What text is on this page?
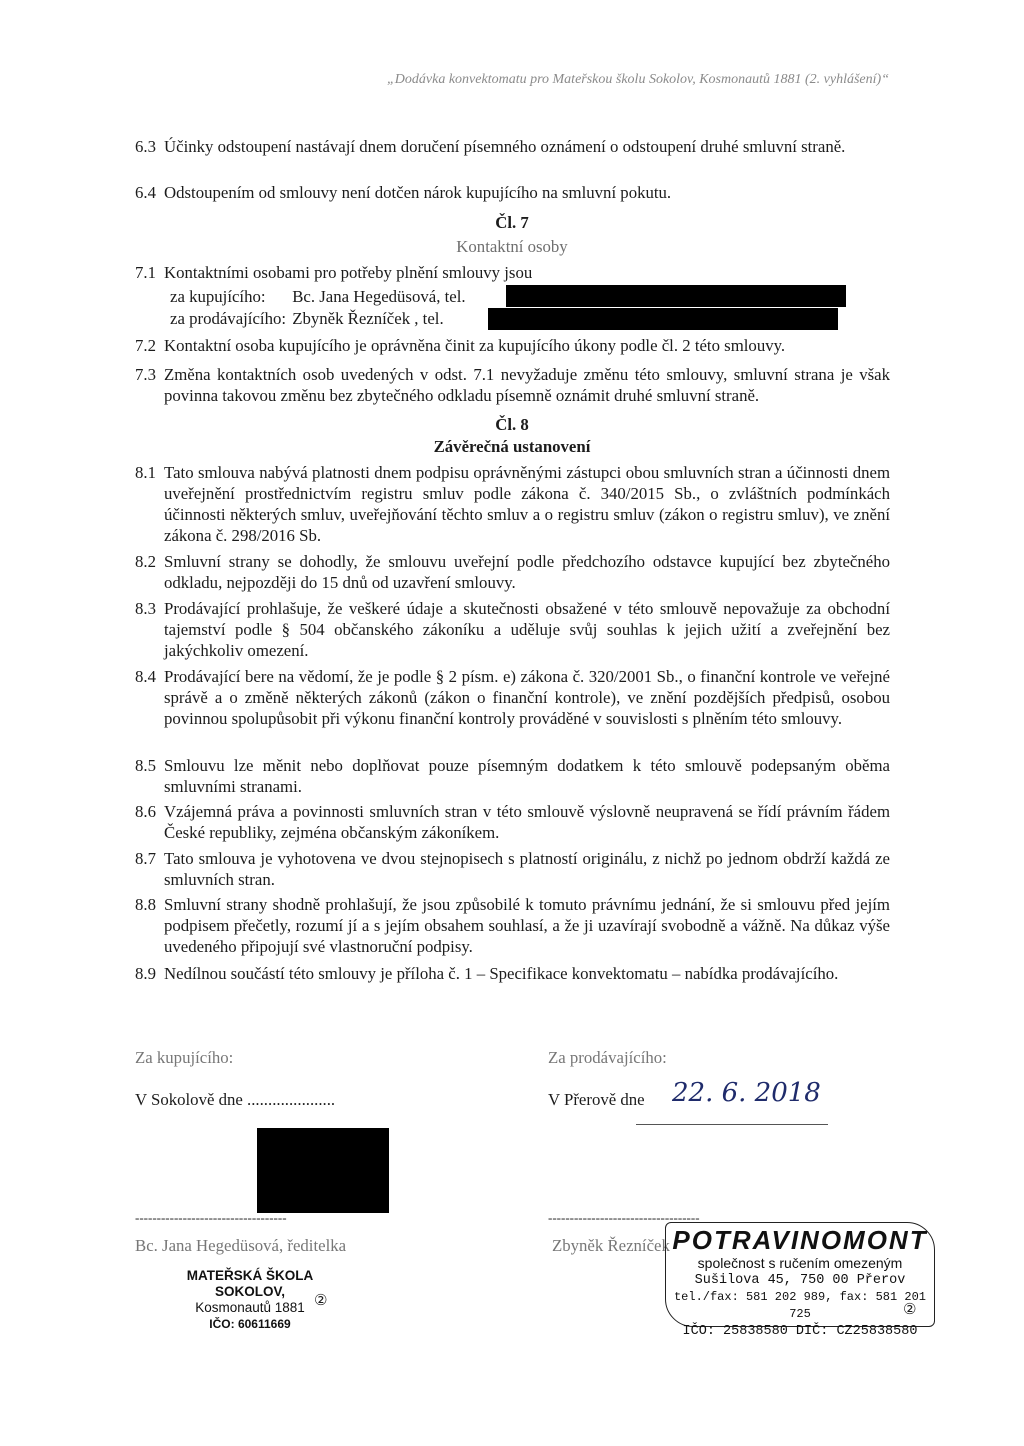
„Dodávka konvektomatu pro Mateřskou školu Sokolov, Kosmonautů 1881 (2. vyhlášení)“
6.3 Účinky odstoupení nastávají dnem doručení písemného oznámení o odstoupení druhé smluvní straně.
6.4 Odstoupením od smlouvy není dotčen nárok kupujícího na smluvní pokutu.
Čl. 7
Kontaktní osoby
7.1 Kontaktními osobami pro potřeby plnění smlouvy jsou
za kupujícího: Bc. Jana Hegedüsová, tel.
za prodávajícího: Zbyněk Řezníček , tel.
7.2 Kontaktní osoba kupujícího je oprávněna činit za kupujícího úkony podle čl. 2 této smlouvy.
7.3 Změna kontaktních osob uvedených v odst. 7.1 nevyžaduje změnu této smlouvy, smluvní strana je však povinna takovou změnu bez zbytečného odkladu písemně oznámit druhé smluvní straně.
Čl. 8
Závěrečná ustanovení
8.1 Tato smlouva nabývá platnosti dnem podpisu oprávněnými zástupci obou smluvních stran a účinnosti dnem uveřejnění prostřednictvím registru smluv podle zákona č. 340/2015 Sb., o zvláštních podmínkách účinnosti některých smluv, uveřejňování těchto smluv a o registru smluv (zákon o registru smluv), ve znění zákona č. 298/2016 Sb.
8.2 Smluvní strany se dohodly, že smlouvu uveřejní podle předchozího odstavce kupující bez zbytečného odkladu, nejpozději do 15 dnů od uzavření smlouvy.
8.3 Prodávající prohlašuje, že veškeré údaje a skutečnosti obsažené v této smlouvě nepovažuje za obchodní tajemství podle § 504 občanského zákoníku a uděluje svůj souhlas k jejich užití a zveřejnění bez jakýchkoliv omezení.
8.4 Prodávající bere na vědomí, že je podle § 2 písm. e) zákona č. 320/2001 Sb., o finanční kontrole ve veřejné správě a o změně některých zákonů (zákon o finanční kontrole), ve znění pozdějších předpisů, osobou povinnou spolupůsobit při výkonu finanční kontroly prováděné v souvislosti s plněním této smlouvy.
8.5 Smlouvu lze měnit nebo doplňovat pouze písemným dodatkem k této smlouvě podepsaným oběma smluvními stranami.
8.6 Vzájemná práva a povinnosti smluvních stran v této smlouvě výslovně neupravená se řídí právním řádem České republiky, zejména občanským zákoníkem.
8.7 Tato smlouva je vyhotovena ve dvou stejnopisech s platností originálu, z nichž po jednom obdrží každá ze smluvních stran.
8.8 Smluvní strany shodně prohlašují, že jsou způsobilé k tomuto právnímu jednání, že si smlouvu před jejím podpisem přečetly, rozumí jí a s jejím obsahem souhlasí, a že ji uzavírají svobodně a vážně. Na důkaz výše uvedeného připojují své vlastnoruční podpisy.
8.9 Nedílnou součástí této smlouvy je příloha č. 1 – Specifikace konvektomatu – nabídka prodávajícího.
Za kupujícího:	Za prodávajícího:
V Sokolově dne .....................	V Přerově dne 22. 6. 2018
-----------------------------------	-----------------------------------
Bc. Jana Hegedüsová, ředitelka	Zbyněk Řezníček
MATEŘSKÁ ŠKOLA
SOKOLOV,
Kosmonautů 1881
IČO: 60611669
②
POTRAVINOMONT
společnost s ručením omezeným
Sušilova 45, 750 00 Přerov
tel./fax: 581 202 989, fax: 581 201 725
IČO: 25838580 DIČ: CZ25838580
②
